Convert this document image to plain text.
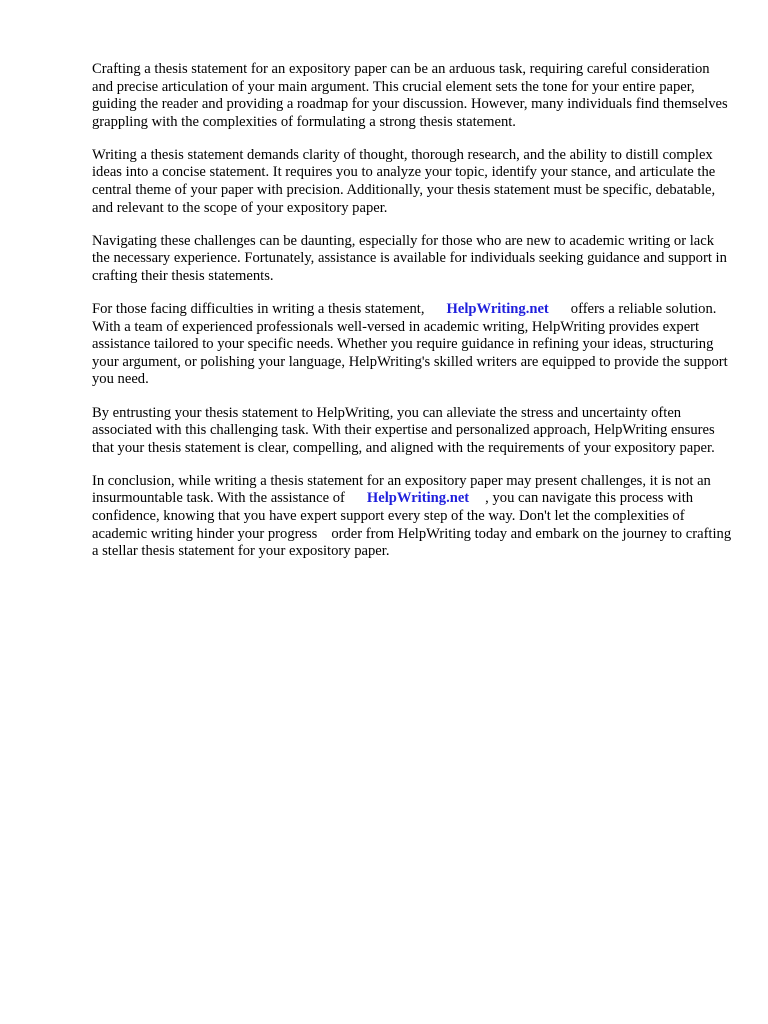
Crafting a thesis statement for an expository paper can be an arduous task, requiring careful consideration and precise articulation of your main argument. This crucial element sets the tone for your entire paper, guiding the reader and providing a roadmap for your discussion. However, many individuals find themselves grappling with the complexities of formulating a strong thesis statement.

Writing a thesis statement demands clarity of thought, thorough research, and the ability to distill complex ideas into a concise statement. It requires you to analyze your topic, identify your stance, and articulate the central theme of your paper with precision. Additionally, your thesis statement must be specific, debatable, and relevant to the scope of your expository paper.

Navigating these challenges can be daunting, especially for those who are new to academic writing or lack the necessary experience. Fortunately, assistance is available for individuals seeking guidance and support in crafting their thesis statements.

For those facing difficulties in writing a thesis statement, HelpWriting.net offers a reliable solution. With a team of experienced professionals well-versed in academic writing, HelpWriting provides expert assistance tailored to your specific needs. Whether you require guidance in refining your ideas, structuring your argument, or polishing your language, HelpWriting's skilled writers are equipped to provide the support you need.

By entrusting your thesis statement to HelpWriting, you can alleviate the stress and uncertainty often associated with this challenging task. With their expertise and personalized approach, HelpWriting ensures that your thesis statement is clear, compelling, and aligned with the requirements of your expository paper.

In conclusion, while writing a thesis statement for an expository paper may present challenges, it is not an insurmountable task. With the assistance of HelpWriting.net , you can navigate this process with confidence, knowing that you have expert support every step of the way. Don't let the complexities of academic writing hinder your progress order from HelpWriting today and embark on the journey to crafting a stellar thesis statement for your expository paper.
